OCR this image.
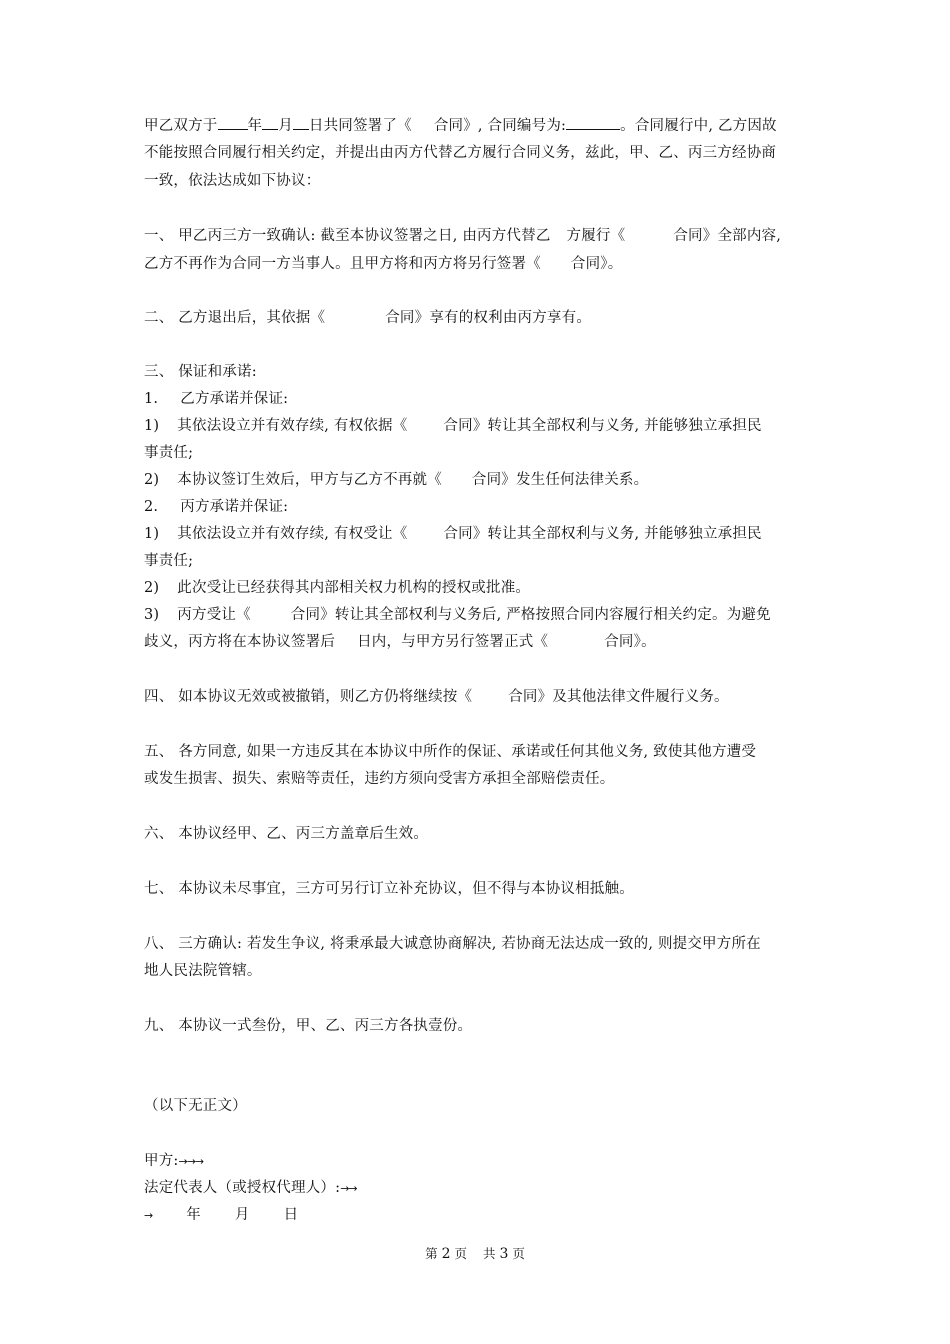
甲乙双方于 年 月 日共同签署了《 合同》, 合同编号为:	。合同履行中, 乙方因故
不能按照合同履行相关约定，并提出由丙方代替乙方履行合同义务，兹此，甲、乙、丙三方经协商
一致，依法达成如下协议：
一、 甲乙丙三方一致确认: 截至本协议签署之日, 由丙方代替乙 方履行《	合同》全部内容,
乙方不再作为合同一方当事人。且甲方将和丙方将另行签署《 合同》。
二、 乙方退出后，其依据《	合同》享有的权利由丙方享有。
三、 保证和承诺:
1. 乙方承诺并保证:
1) 其依法设立并有效存续, 有权依据《 合同》转让其全部权利与义务, 并能够独立承担民
事责任;
2) 本协议签订生效后，甲方与乙方不再就《 合同》发生任何法律关系。
2. 丙方承诺并保证:
1) 其依法设立并有效存续, 有权受让《 合同》转让其全部权利与义务, 并能够独立承担民
事责任;
2) 此次受让已经获得其内部相关权力机构的授权或批准。
3) 丙方受让《	合同》转让其全部权利与义务后, 严格按照合同内容履行相关约定。为避免
歧义，丙方将在本协议签署后 日内，与甲方另行签署正式《	合同》。
四、 如本协议无效或被撤销，则乙方仍将继续按《 合同》及其他法律文件履行义务。
五、 各方同意, 如果一方违反其在本协议中所作的保证、承诺或任何其他义务, 致使其他方遭受
或发生损害、损失、索赔等责任，违约方须向受害方承担全部赔偿责任。
六、 本协议经甲、乙、丙三方盖章后生效。
七、 本协议未尽事宜，三方可另行订立补充协议，但不得与本协议相抵触。
八、 三方确认: 若发生争议, 将秉承最大诚意协商解决, 若协商无法达成一致的, 则提交甲方所在
地人民法院管辖。
九、 本协议一式叁份，甲、乙、丙三方各执壹份。
（以下无正文）
甲方:→→→
法定代表人（或授权代理人）:→→
→ 年 月 日
第 2 页 共 3 页
